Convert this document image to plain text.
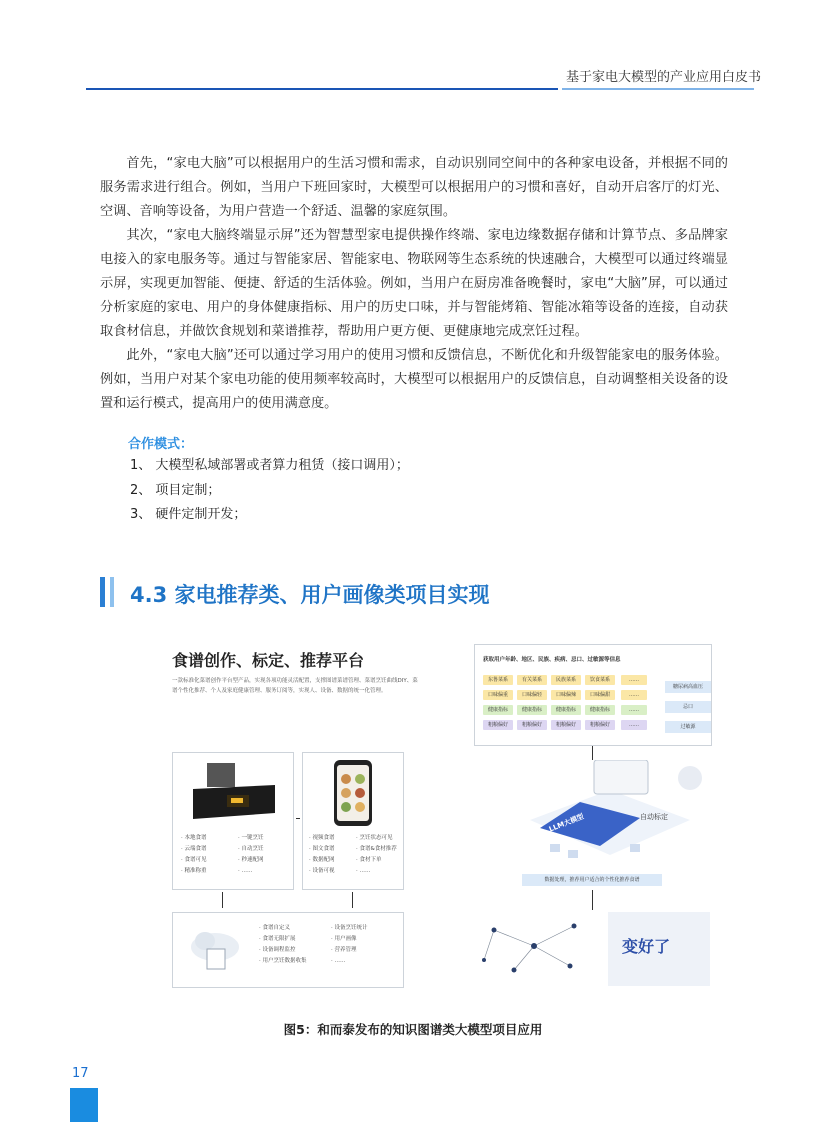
基于家电大模型的产业应用白皮书

首先，“家电大脑”可以根据用户的生活习惯和需求，自动识别同空间中的各种家电设备，并根据不同的服务需求进行组合。例如，当用户下班回家时，大模型可以根据用户的习惯和喜好，自动开启客厅的灯光、空调、音响等设备，为用户营造一个舒适、温馨的家庭氛围。

其次，“家电大脑终端显示屏”还为智慧型家电提供操作终端、家电边缘数据存储和计算节点、多品牌家电接入的家电服务等。通过与智能家居、智能家电、物联网等生态系统的快速融合，大模型可以通过终端显示屏，实现更加智能、便捷、舒适的生活体验。例如，当用户在厨房准备晚餐时，家电“大脑”屏，可以通过分析家庭的家电、用户的身体健康指标、用户的历史口味，并与智能烤箱、智能冰箱等设备的连接，自动获取食材信息，并做饮食规划和菜谱推荐，帮助用户更方便、更健康地完成烹饪过程。

此外，“家电大脑”还可以通过学习用户的使用习惯和反馈信息，不断优化和升级智能家电的服务体验。例如，当用户对某个家电功能的使用频率较高时，大模型可以根据用户的反馈信息，自动调整相关设备的设置和运行模式，提高用户的使用满意度。

合作模式：
1、 大模型私域部署或者算力租赁（接口调用）；
2、 项目定制；
3、 硬件定制开发；
4.3 家电推荐类、用户画像类项目实现
食谱创作、标定、推荐平台
一款标准化菜谱创作平台型产品，实现各项功能灵活配置，支撑图谱菜谱管理、菜谱烹饪曲线DIY、菜谱个性化推荐、个人及家庭健康管理、服务订阅等，实现人、设备、数据的统一化管理。
· 本地食谱
· 云端食谱
· 食谱可见
· 精准称重
· 一键烹饪
· 自动烹饪
· 秒速配网
· ……
· 视频食谱
· 图文食谱
· 数据配网
· 设备可视
· 烹饪状态可见
· 食谱&食材推荐
· 食材下单
· ……
· 食谱自定义
· 食谱无限扩展
· 设备调程监控
· 用户烹饪数据收集
· 设备烹饪统计
· 用户画像
· 营养管理
· ……
获取用户年龄、地区、民族、疾病、忌口、过敏源等信息
东鲁菜系	有关菜系	民族菜系	饮食菜系	……
口味偏重	口味偏轻	口味偏辣	口味偏甜	……
健康指标	健康指标	健康指标	健康指标	……
粗粮偏好	粗粮偏好	粗粮偏好	粗粮偏好	……
糖尿病高血压
忌口
过敏源
LLM大模型	自动标定
数据处理，推荐用户适合的个性化推荐食谱
变好了
图5：和而泰发布的知识图谱类大模型项目应用
17
